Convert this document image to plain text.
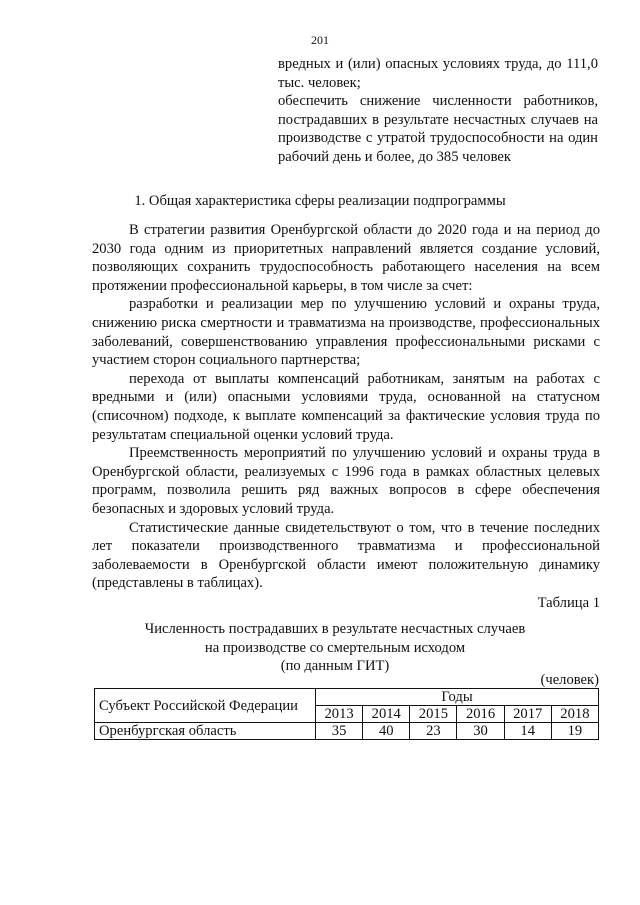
201

вредных и (или) опасных условиях труда, до 111,0 тыс. человек;

обеспечить снижение численности работников, пострадавших в результате несчастных случаев на производстве с утратой трудоспособности на один рабочий день и более, до 385 человек

1. Общая характеристика сферы реализации подпрограммы

В стратегии развития Оренбургской области до 2020 года и на период до 2030 года одним из приоритетных направлений является создание условий, позволяющих сохранить трудоспособность работающего населения на всем протяжении профессиональной карьеры, в том числе за счет:

разработки и реализации мер по улучшению условий и охраны труда, снижению риска смертности и травматизма на производстве, профессиональных заболеваний, совершенствованию управления профессиональными рисками с участием сторон социального партнерства;

перехода от выплаты компенсаций работникам, занятым на работах с вредными и (или) опасными условиями труда, основанной на статусном (списочном) подходе, к выплате компенсаций за фактические условия труда по результатам специальной оценки условий труда.

Преемственность мероприятий по улучшению условий и охраны труда в Оренбургской области, реализуемых с 1996 года в рамках областных целевых программ, позволила решить ряд важных вопросов в сфере обеспечения безопасных и здоровых условий труда.

Статистические данные свидетельствуют о том, что в течение последних лет показатели производственного травматизма и профессиональной заболеваемости в Оренбургской области имеют положительную динамику (представлены в таблицах).

Таблица 1
Численность пострадавших в результате несчастных случаев
на производстве со смертельным исходом
(по данным ГИТ)
(человек)
Субъект Российской Федерации	Годы					
	2013	2014	2015	2016	2017	2018
Оренбургская область	35	40	23	30	14	19
